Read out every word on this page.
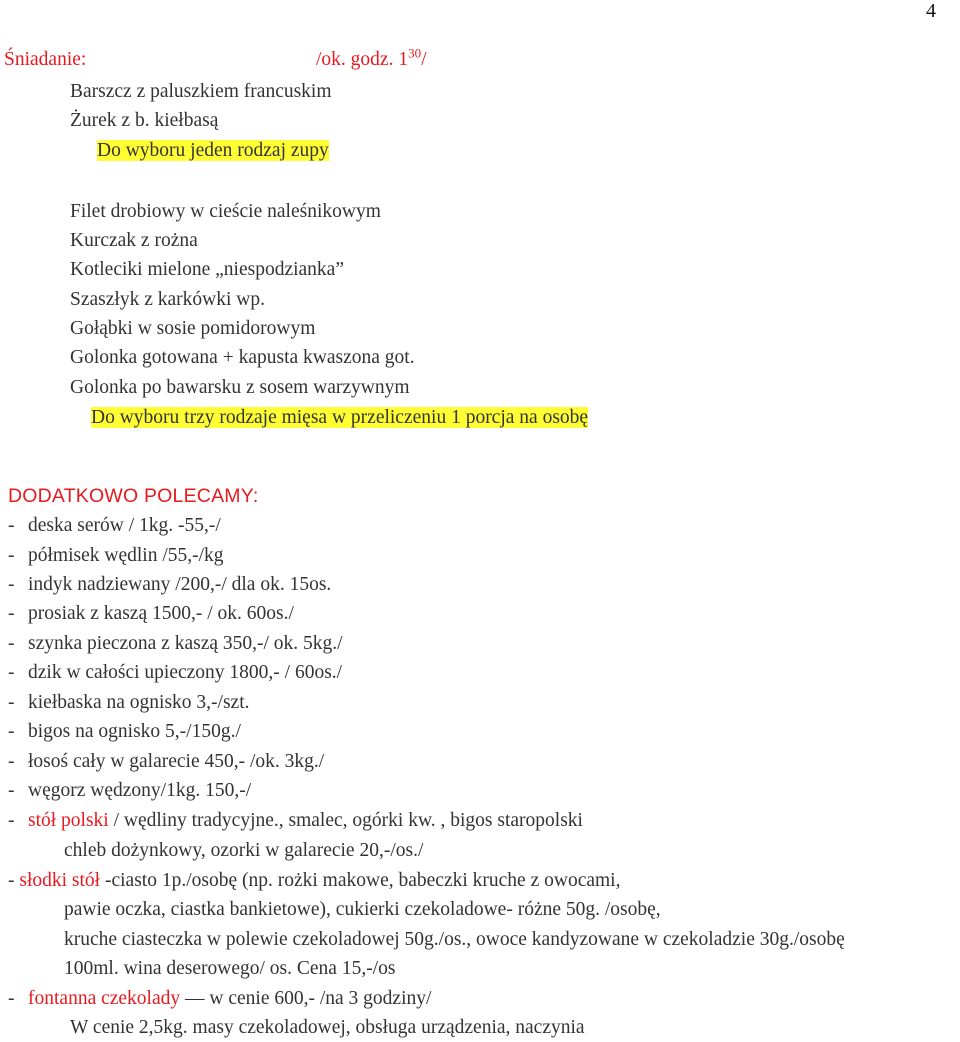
4
Śniadanie:	/ok. godz. $1^{30}/$
Barszcz z paluszkiem francuskim
Żurek z b. kiełbasą
Do wyboru jeden rodzaj zupy
Filet drobiowy w cieście naleśnikowym
Kurczak z rożna
Kotleciki mielone „niespodzianka”
Szaszłyk z karkówki wp.
Gołąbki w sosie pomidorowym
Golonka gotowana + kapusta kwaszona got.
Golonka po bawarsku z sosem warzywnym
Do wyboru trzy rodzaje mięsa w przeliczeniu 1 porcja na osobę
DODATKOWO POLECAMY:
- deska serów / 1kg. -55,-/
- półmisek wędlin /55,-/kg
- indyk nadziewany /200,-/ dla ok. 15os.
- prosiak z kaszą 1500,- / ok. 60os./
- szynka pieczona z kaszą 350,-/ ok. 5kg./
- dzik w całości upieczony 1800,- / 60os./
- kiełbaska na ognisko 3,-/szt.
- bigos na ognisko 5,-/150g./
- łosoś cały w galarecie 450,- /ok. 3kg./
- węgorz wędzony/1kg. 150,-/
- stół polski / wędliny tradycyjne., smalec, ogórki kw. , bigos staropolski
chleb dożynkowy, ozorki w galarecie 20,-/os./
- słodki stół -ciasto 1p./osobę (np. rożki makowe, babeczki kruche z owocami,
pawie oczka, ciastka bankietowe), cukierki czekoladowe- różne 50g. /osobę,
kruche ciasteczka w polewie czekoladowej 50g./os., owoce kandyzowane w czekoladzie 30g./osobę
100ml. wina deserowego/ os. Cena 15,-/os
- fontanna czekolady — w cenie 600,- /na 3 godziny/
W cenie 2,5kg. masy czekoladowej, obsługa urządzenia, naczynia
